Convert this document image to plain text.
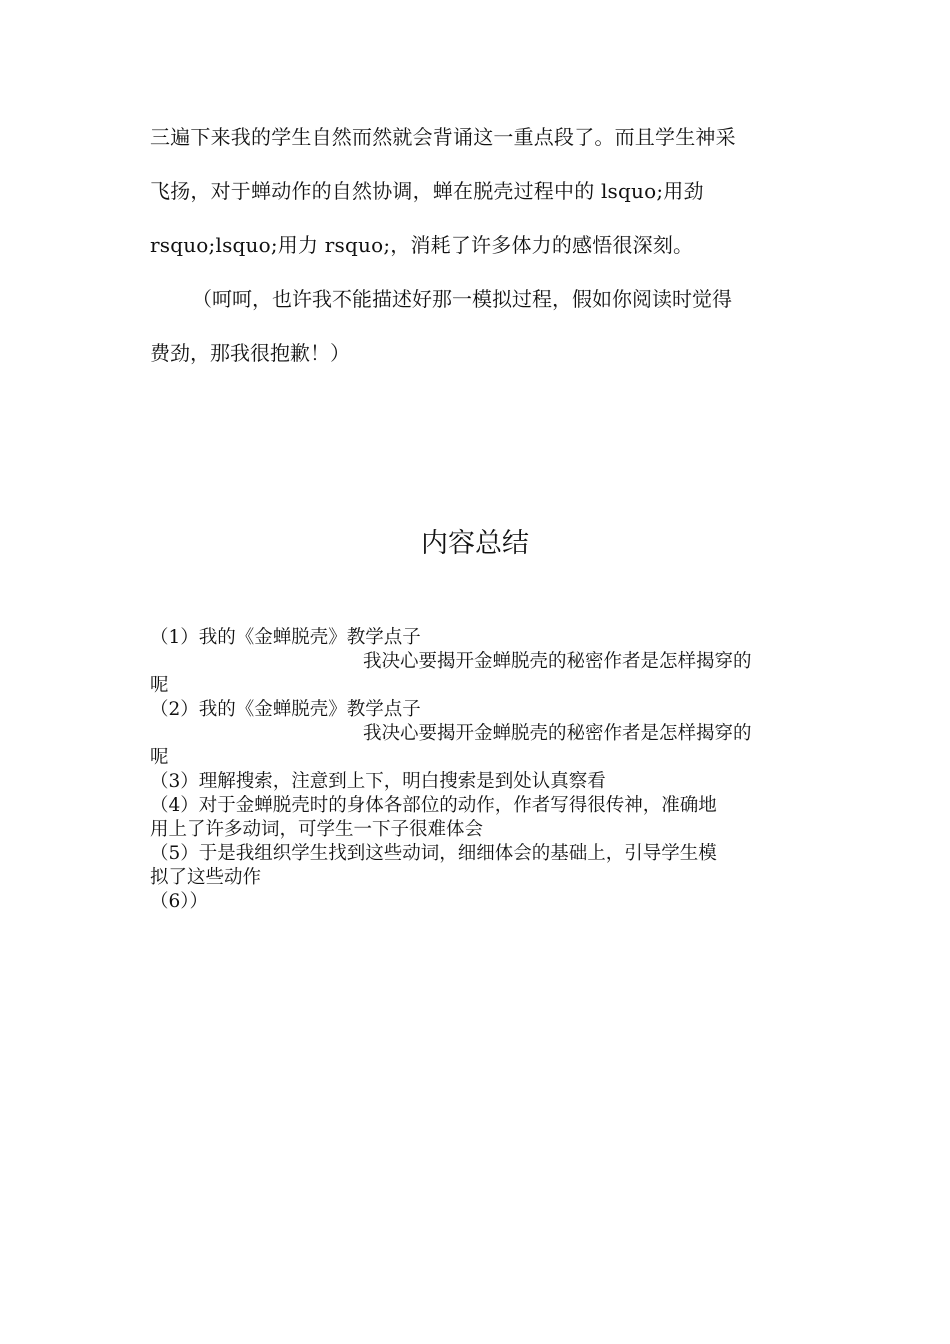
三遍下来我的学生自然而然就会背诵这一重点段了。而且学生神采
飞扬，对于蝉动作的自然协调，蝉在脱壳过程中的 lsquo;用劲
rsquo;lsquo;用力 rsquo;，消耗了许多体力的感悟很深刻。

（呵呵，也许我不能描述好那一模拟过程，假如你阅读时觉得
费劲，那我很抱歉！）

内容总结
（1）我的《金蝉脱壳》教学点子
我决心要揭开金蝉脱壳的秘密作者是怎样揭穿的
呢
（2）我的《金蝉脱壳》教学点子
我决心要揭开金蝉脱壳的秘密作者是怎样揭穿的
呢
（3）理解搜索，注意到上下，明白搜索是到处认真察看
（4）对于金蝉脱壳时的身体各部位的动作，作者写得很传神，准确地
用上了许多动词，可学生一下子很难体会
（5）于是我组织学生找到这些动词，细细体会的基础上，引导学生模
拟了这些动作
（6））
